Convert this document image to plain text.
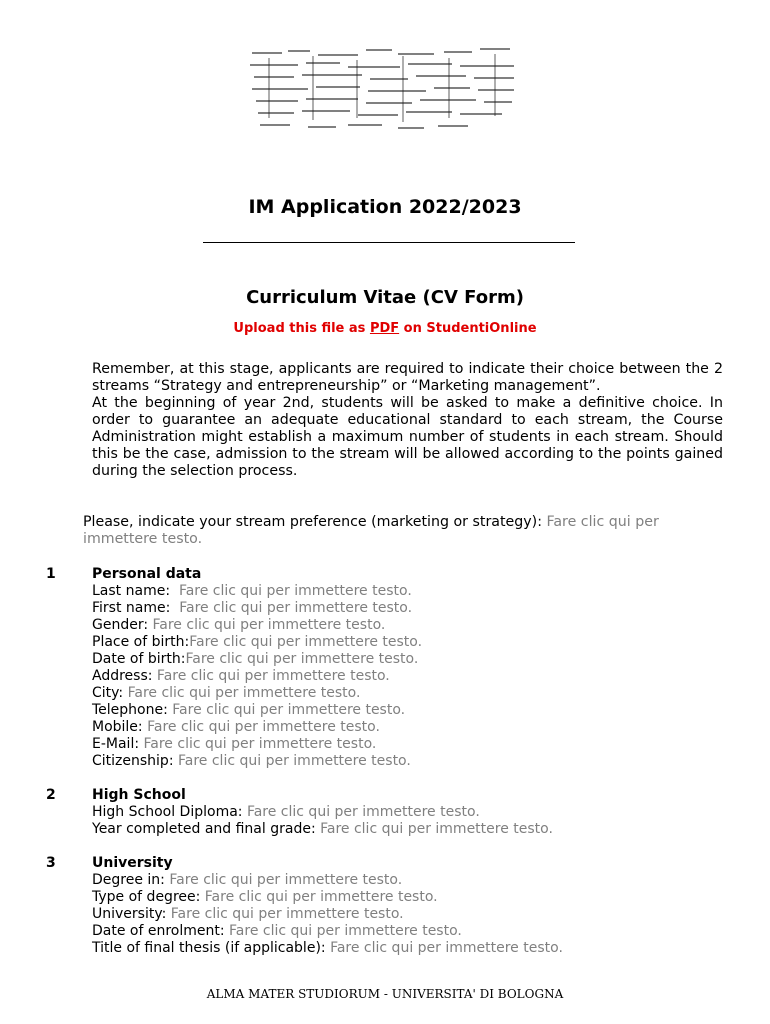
IM Application 2022/2023
Curriculum Vitae (CV Form)
Upload this file as PDF on StudentiOnline

Remember, at this stage, applicants are required to indicate their choice between the 2 streams “Strategy and entrepreneurship” or “Marketing management”.

At the beginning of year 2nd, students will be asked to make a definitive choice. In order to guarantee an adequate educational standard to each stream, the Course Administration might establish a maximum number of students in each stream. Should this be the case, admission to the stream will be allowed according to the points gained during the selection process.

Please, indicate your stream preference (marketing or strategy): Fare clic qui per immettere testo.
1	Personal data
Last name:  Fare clic qui per immettere testo.
First name:  Fare clic qui per immettere testo.
Gender: Fare clic qui per immettere testo.
Place of birth:Fare clic qui per immettere testo.
Date of birth:Fare clic qui per immettere testo.
Address: Fare clic qui per immettere testo.
City: Fare clic qui per immettere testo.
Telephone: Fare clic qui per immettere testo.
Mobile: Fare clic qui per immettere testo.
E-Mail: Fare clic qui per immettere testo.
Citizenship: Fare clic qui per immettere testo.
2	High School
High School Diploma: Fare clic qui per immettere testo.
Year completed and final grade: Fare clic qui per immettere testo.
3	University
Degree in: Fare clic qui per immettere testo.
Type of degree: Fare clic qui per immettere testo.
University: Fare clic qui per immettere testo.
Date of enrolment: Fare clic qui per immettere testo.
Title of final thesis (if applicable): Fare clic qui per immettere testo.
ALMA MATER STUDIORUM - UNIVERSITA' DI BOLOGNA
